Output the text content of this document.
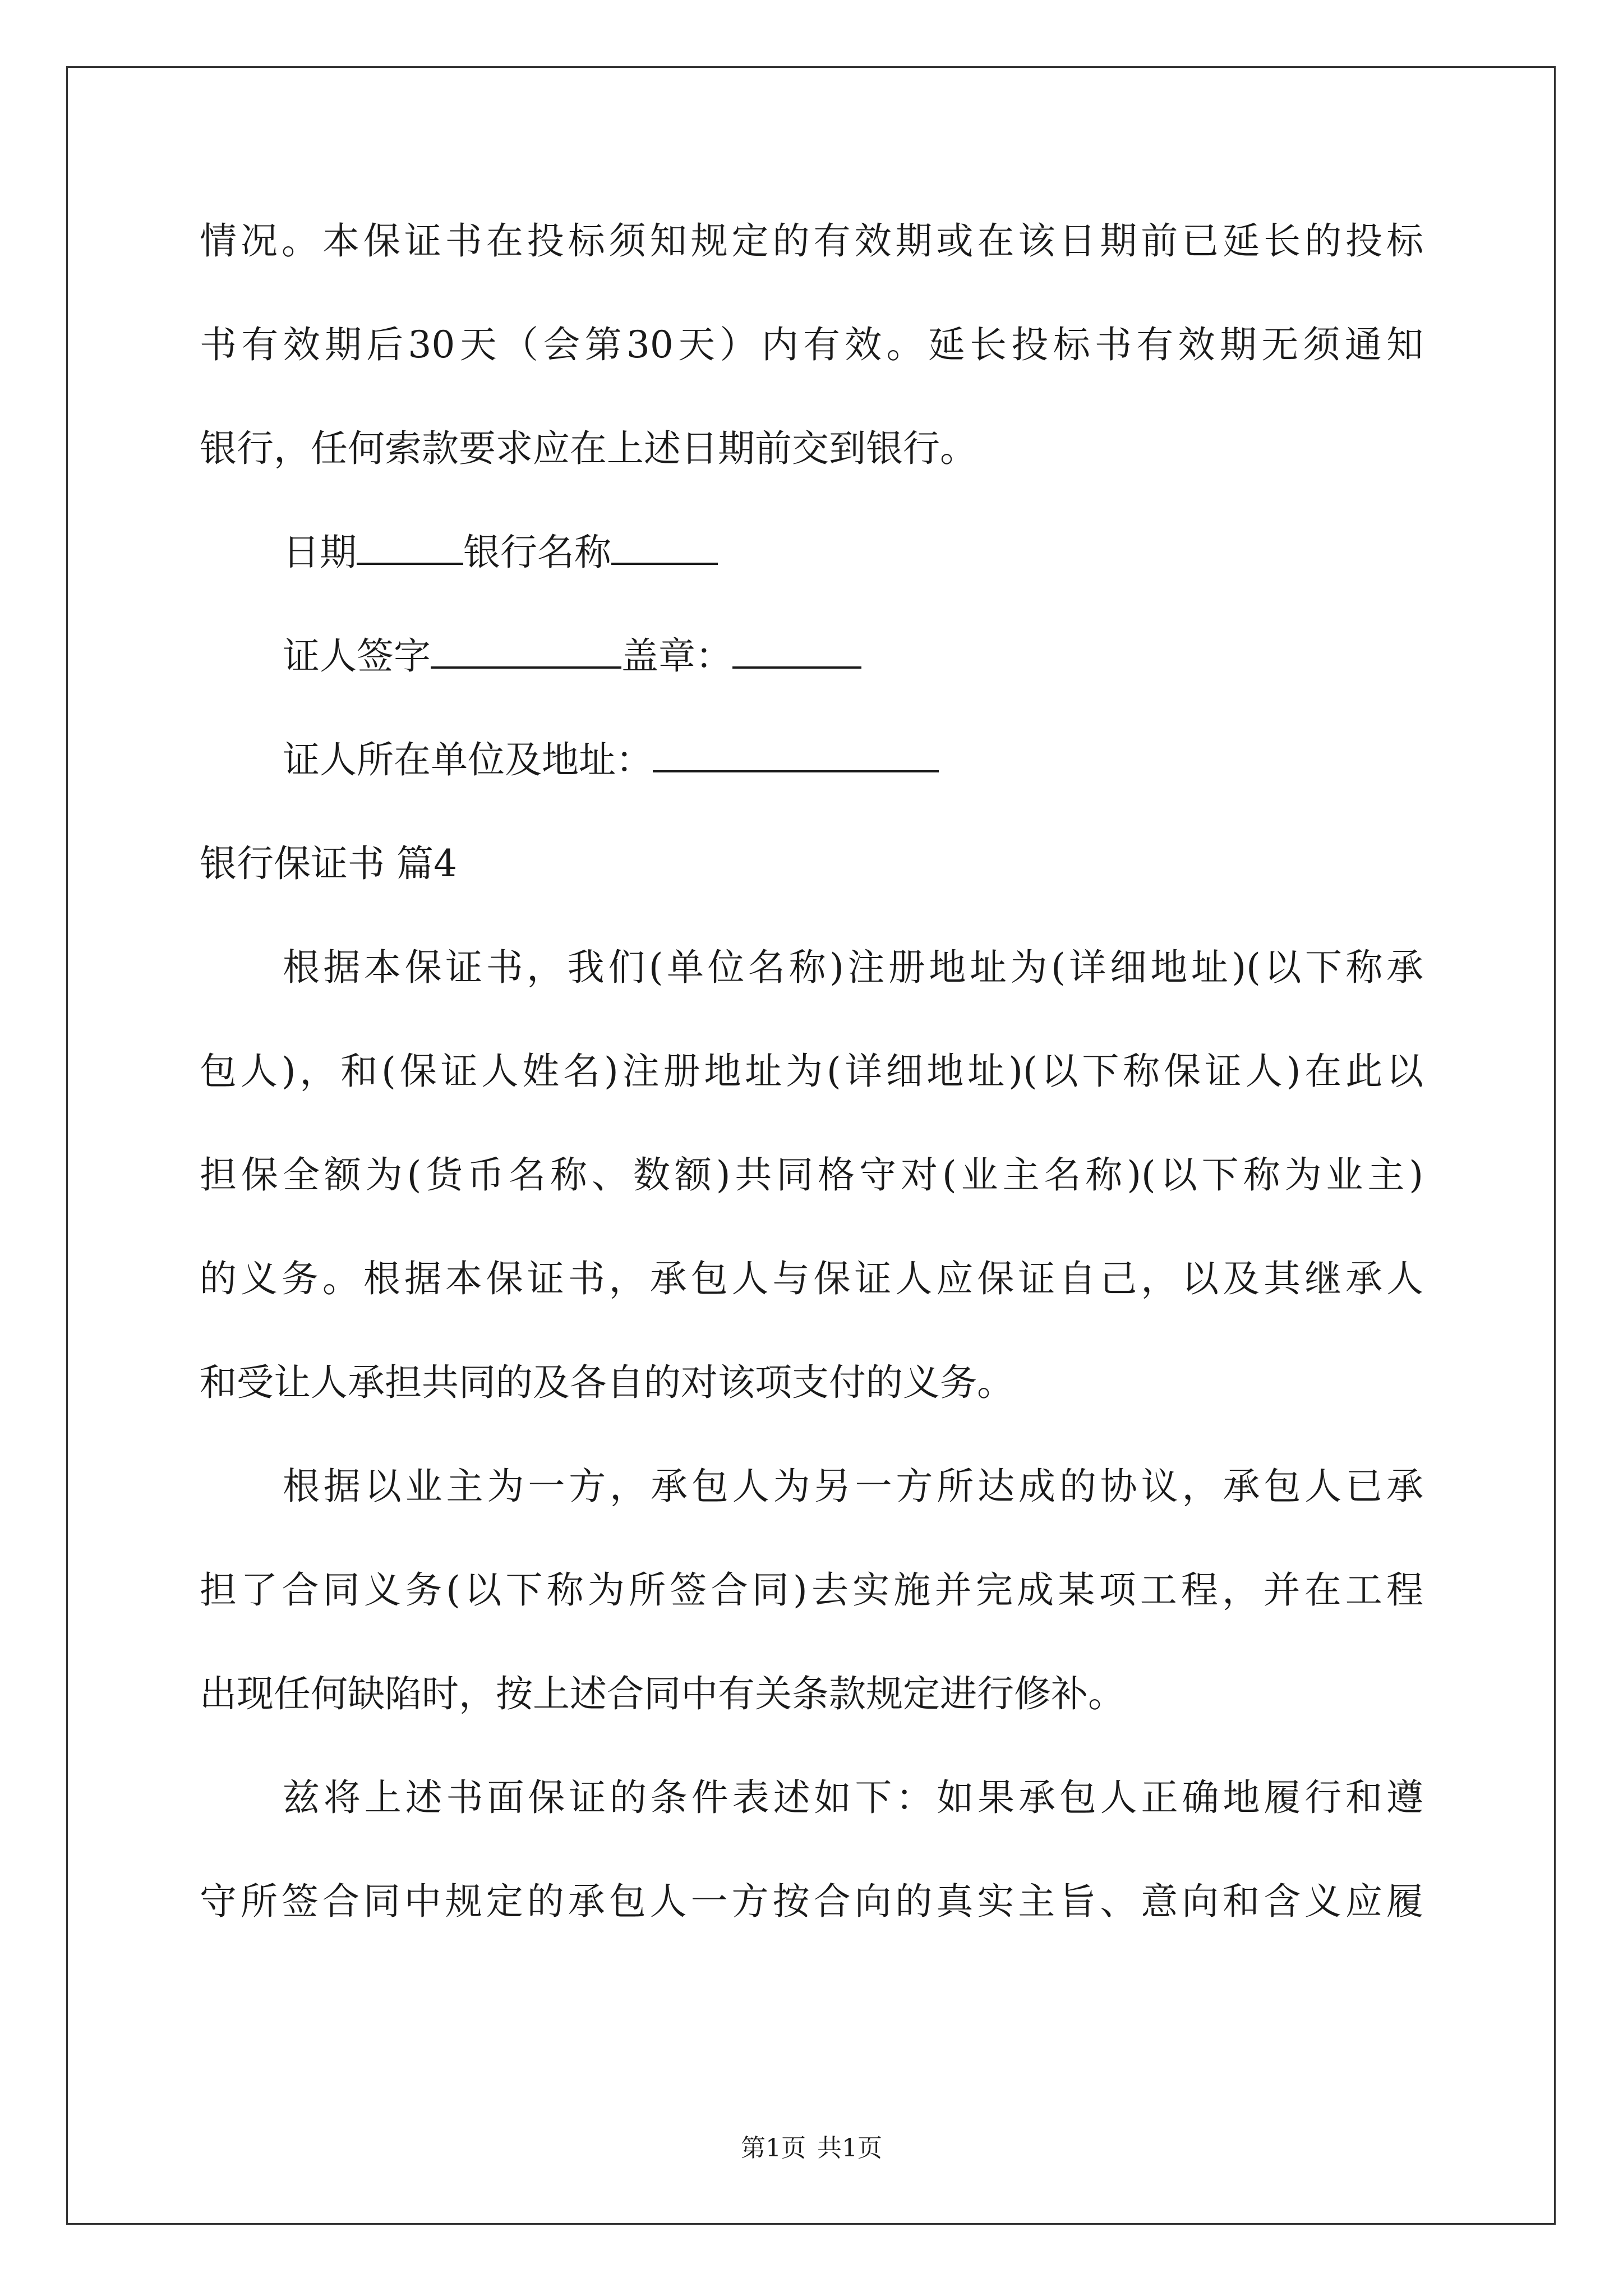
情况。本保证书在投标须知规定的有效期或在该日期前已延长的投标
书有效期后30天（会第30天）内有效。延长投标书有效期无须通知
银行，任何索款要求应在上述日期前交到银行。
日期	银行名称
证人签字	盖章：
证人所在单位及地址：
银行保证书 篇4
根据本保证书，我们(单位名称)注册地址为(详细地址)(以下称承
包人)，和(保证人姓名)注册地址为(详细地址)(以下称保证人)在此以
担保全额为(货币名称、数额)共同格守对(业主名称)(以下称为业主)
的义务。根据本保证书，承包人与保证人应保证自己，以及其继承人
和受让人承担共同的及各自的对该项支付的义务。
根据以业主为一方，承包人为另一方所达成的协议，承包人已承
担了合同义务(以下称为所签合同)去实施并完成某项工程，并在工程
出现任何缺陷时，按上述合同中有关条款规定进行修补。
兹将上述书面保证的条件表述如下：如果承包人正确地履行和遵
守所签合同中规定的承包人一方按合向的真实主旨、意向和含义应履
第1页 共1页
